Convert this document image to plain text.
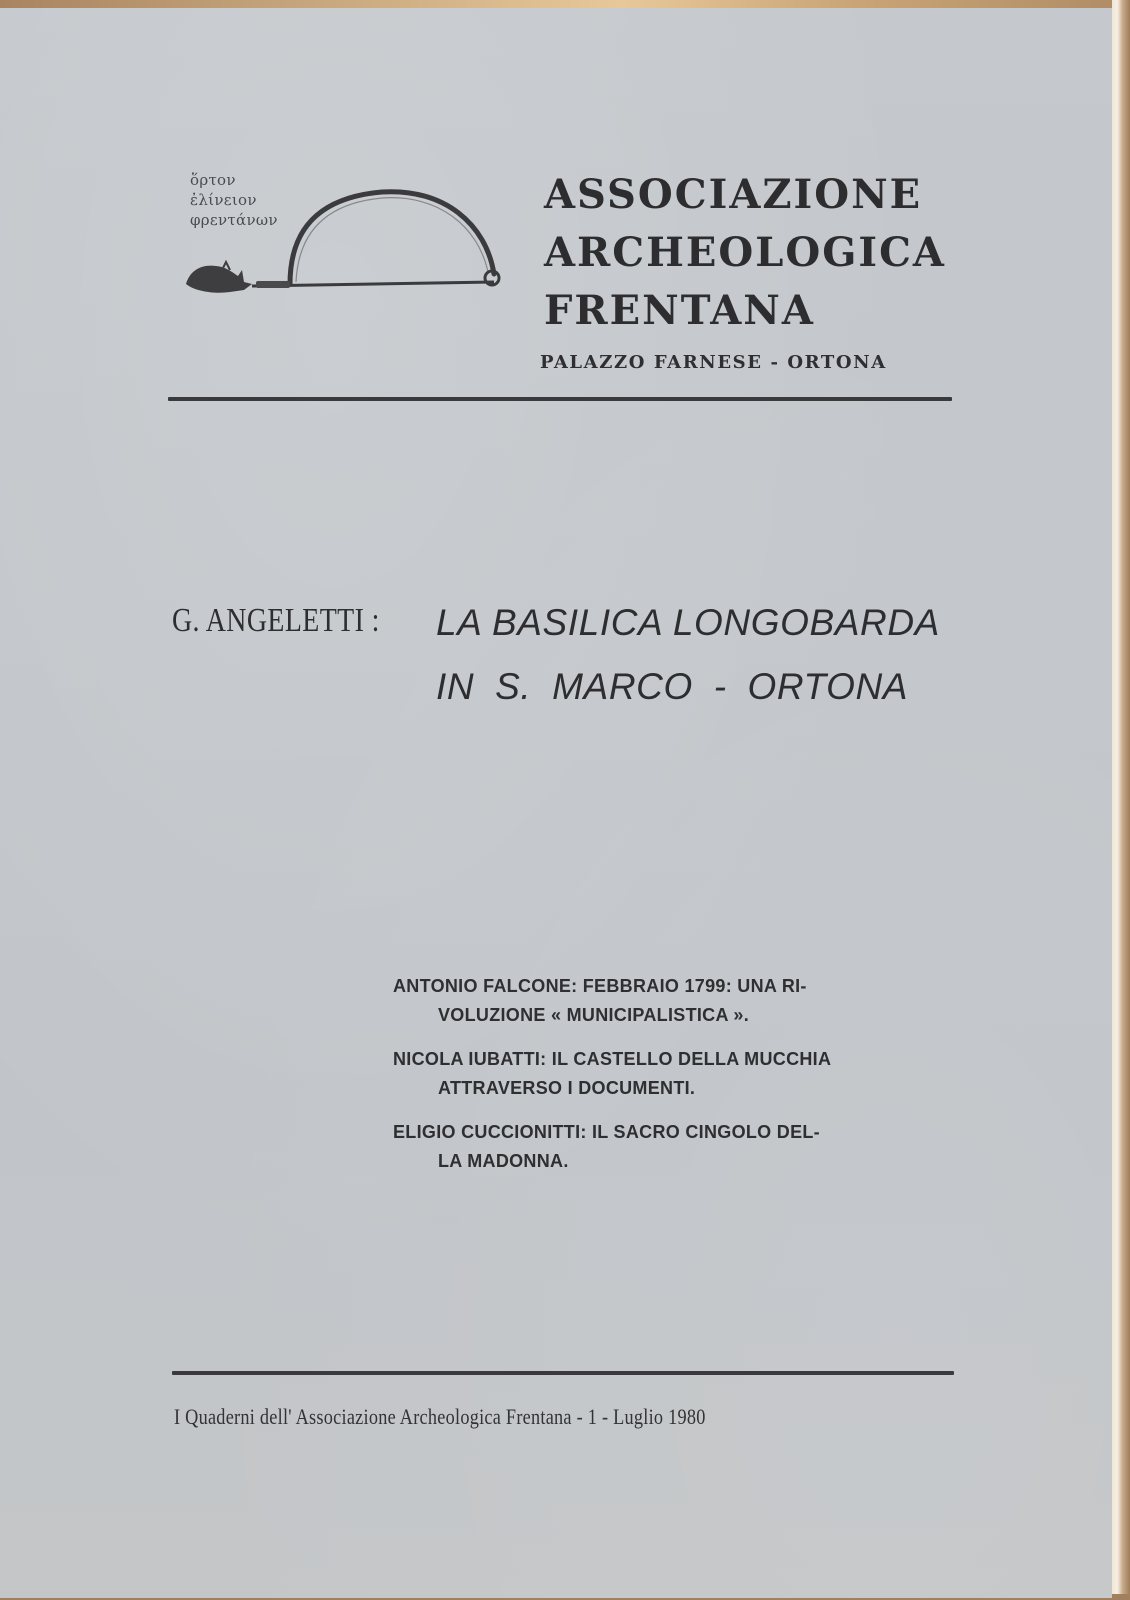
ὅρτον
ἐλίνειον
φρεντάνων
ASSOCIAZIONE
ARCHEOLOGICA
FRENTANA
PALAZZO FARNESE - ORTONA
G. ANGELETTI :	LA BASILICA LONGOBARDA
IN S. MARCO - ORTONA
ANTONIO FALCONE: FEBBRAIO 1799: UNA RI-
VOLUZIONE « MUNICIPALISTICA ».
NICOLA IUBATTI: IL CASTELLO DELLA MUCCHIA
ATTRAVERSO I DOCUMENTI.
ELIGIO CUCCIONITTI: IL SACRO CINGOLO DEL-
LA MADONNA.
I Quaderni dell' Associazione Archeologica Frentana - 1 - Luglio 1980
